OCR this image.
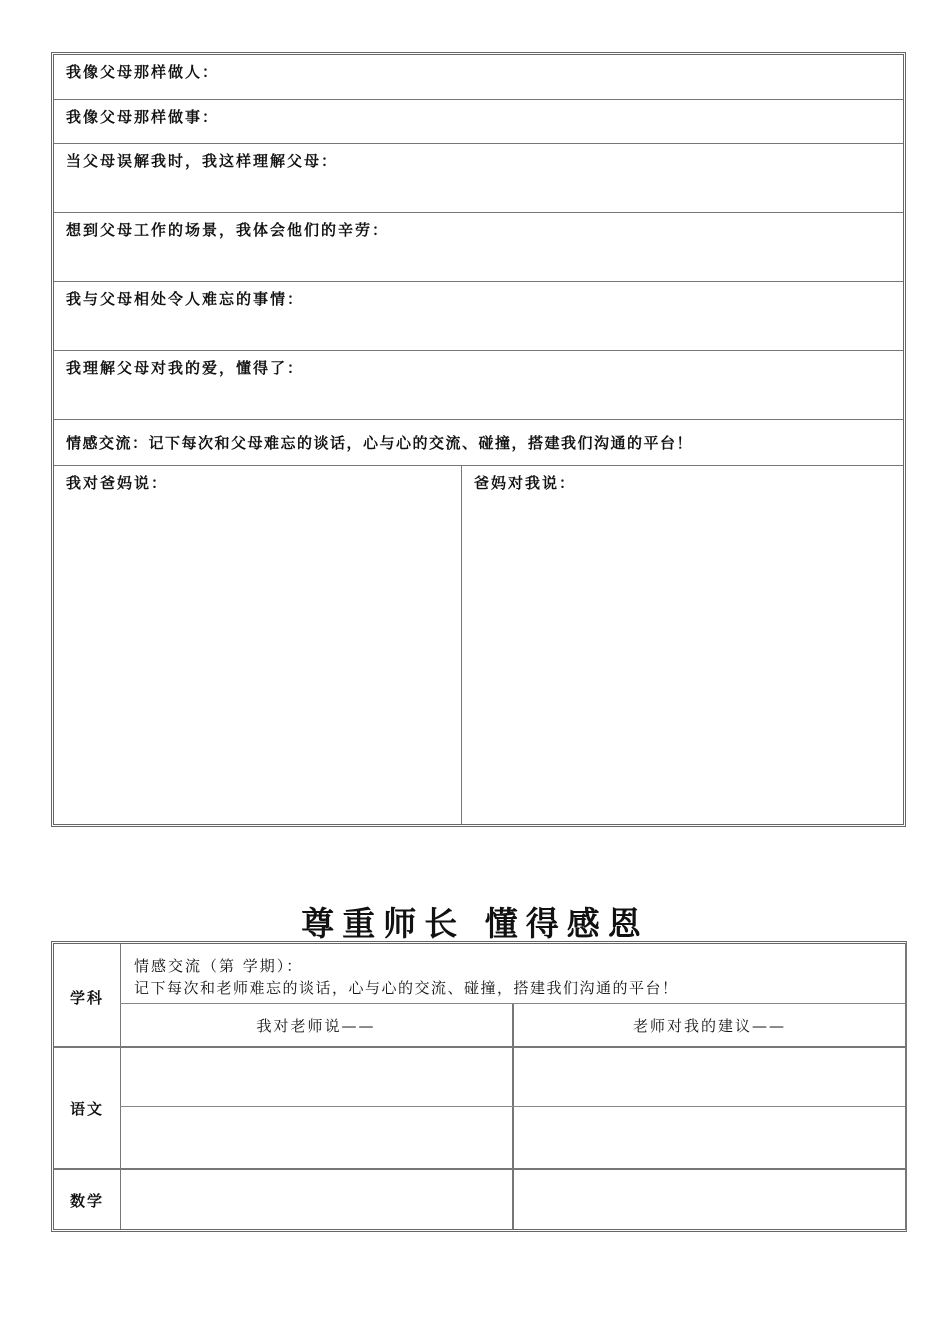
我像父母那样做人：
我像父母那样做事：
当父母误解我时，我这样理解父母：
想到父母工作的场景，我体会他们的辛劳：
我与父母相处令人难忘的事情：
我理解父母对我的爱，懂得了：
情感交流：记下每次和父母难忘的谈话，心与心的交流、碰撞，搭建我们沟通的平台！
我对爸妈说：	爸妈对我说：
尊重师长 懂得感恩
学科
情感交流（第 学期）：
记下每次和老师难忘的谈话，心与心的交流、碰撞，搭建我们沟通的平台！
我对老师说——	老师对我的建议——
语文
数学
